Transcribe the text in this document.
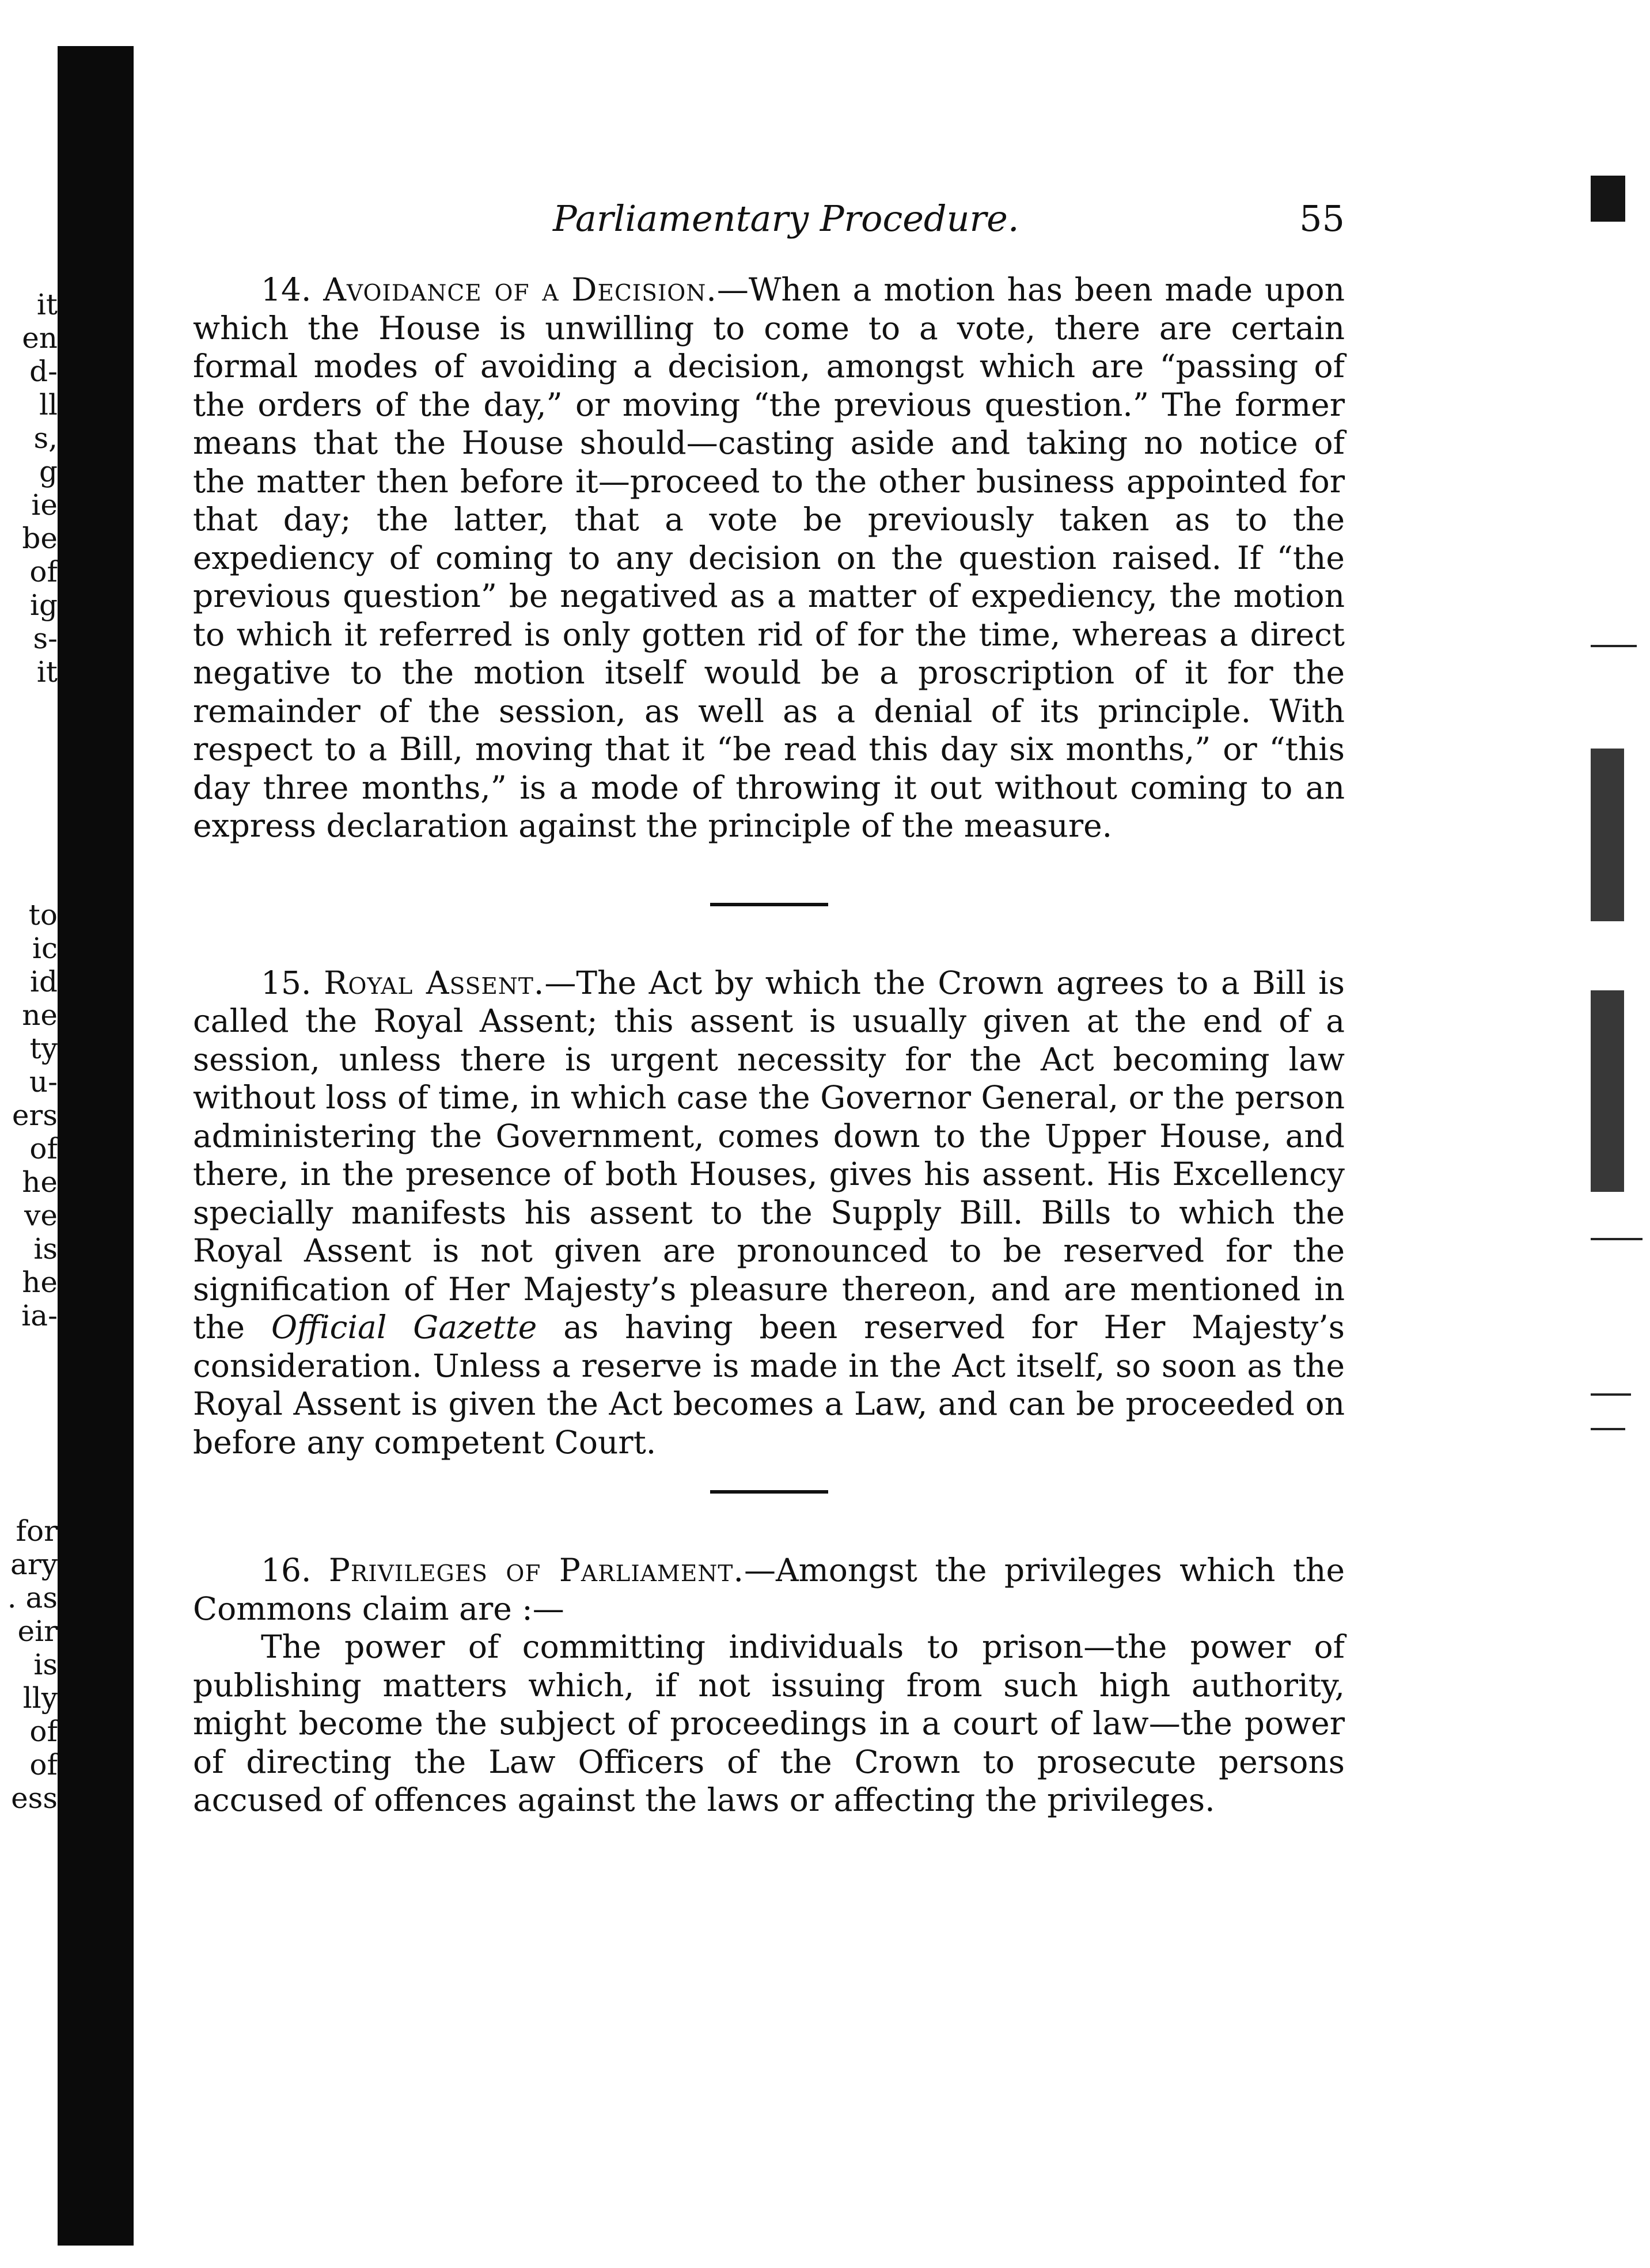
it
en
d-
ll
s,
g
ie
be
of
ig
s-
it
to
ic
id
ne
ty
u-
ers
of
he
ve
is
he
ia-
for
ary
. as
eir
is
lly
of
of
ess
Parliamentary Procedure.	55

14. Avoidance of a Decision.—When a motion has been made upon which the House is unwilling to come to a vote, there are certain formal modes of avoiding a decision, amongst which are “passing of the orders of the day,” or moving “the previous question.” The former means that the House should—casting aside and taking no notice of the matter then before it—proceed to the other business appointed for that day; the latter, that a vote be previously taken as to the expediency of coming to any decision on the question raised. If “the previous question” be negatived as a matter of expediency, the motion to which it referred is only gotten rid of for the time, whereas a direct negative to the motion itself would be a proscription of it for the remainder of the session, as well as a denial of its principle. With respect to a Bill, moving that it “be read this day six months,” or “this day three months,” is a mode of throwing it out without coming to an express declaration against the principle of the measure.

15. Royal Assent.—The Act by which the Crown agrees to a Bill is called the Royal Assent; this assent is usually given at the end of a session, unless there is urgent necessity for the Act becoming law without loss of time, in which case the Governor General, or the person administering the Government, comes down to the Upper House, and there, in the presence of both Houses, gives his assent. His Excellency specially manifests his assent to the Supply Bill. Bills to which the Royal Assent is not given are pronounced to be reserved for the signification of Her Majesty’s pleasure thereon, and are mentioned in the Official Gazette as having been reserved for Her Majesty’s consideration. Unless a reserve is made in the Act itself, so soon as the Royal Assent is given the Act becomes a Law, and can be proceeded on before any competent Court.

16. Privileges of Parliament.—Amongst the privileges which the Commons claim are :—

The power of committing individuals to prison—the power of publishing matters which, if not issuing from such high authority, might become the subject of proceedings in a court of law—the power of directing the Law Officers of the Crown to prosecute persons accused of offences against the laws or affecting the privileges.
